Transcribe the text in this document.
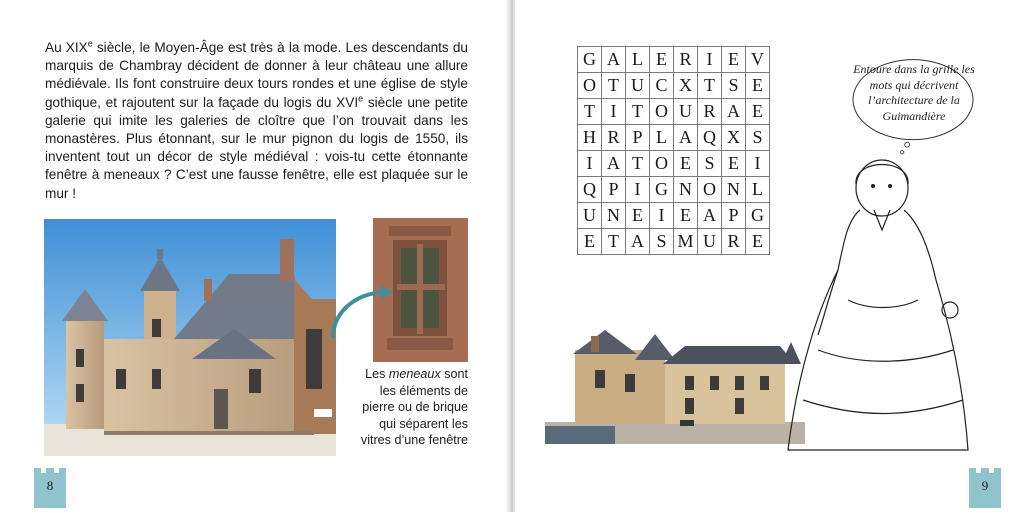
Au XIXe siècle, le Moyen-Âge est très à la mode. Les descendants du marquis de Chambray décident de donner à leur château une allure médiévale. Ils font construire deux tours rondes et une église de style gothique, et rajoutent sur la façade du logis du XVIe siècle une petite galerie qui imite les galeries de cloître que l’on trouvait dans les monastères. Plus étonnant, sur le mur pignon du logis de 1550, ils inventent tout un décor de style médiéval : vois-tu cette étonnante fenêtre à meneaux ? C’est une fausse fenêtre, elle est plaquée sur le mur !

Les meneaux sont les éléments de pierre ou de brique qui séparent les vitres d’une fenêtre

8
G	A	L	E	R	I	E	V
O	T	U	C	X	T	S	E
T	I	T	O	U	R	A	E
H	R	P	L	A	Q	X	S
I	A	T	O	E	S	E	I
Q	P	I	G	N	O	N	L
U	N	E	I	E	A	P	G
E	T	A	S	M	U	R	E

Entoure dans la grille les mots qui décrivent l’architecture de la Guimandière

9
